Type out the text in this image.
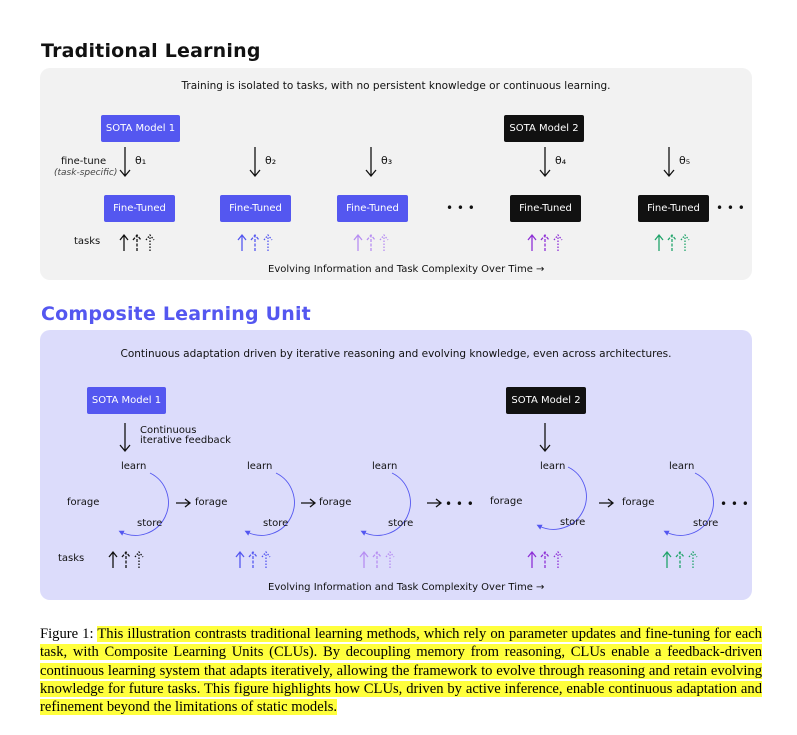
Traditional Learning
Training is isolated to tasks, with no persistent knowledge or continuous learning.
SOTA Model 1	SOTA Model 2
fine-tune
(task-specific)
θ₁	θ₂	θ₃	θ₄	θ₅
Fine-Tuned	Fine-Tuned	Fine-Tuned	• • •	Fine-Tuned	Fine-Tuned	• • •
tasks
Evolving Information and Task Complexity Over Time →
Composite Learning Unit
Continuous adaptation driven by iterative reasoning and evolving knowledge, even across architectures.
SOTA Model 1	SOTA Model 2
Continuous
iterative feedback
learn
forage
store
learn
forage
store
learn
forage
store
learn
forage
store
learn
forage
store
• • •	• • •
tasks
Evolving Information and Task Complexity Over Time →
Figure 1: This illustration contrasts traditional learning methods, which rely on parameter updates and fine-tuning for each task, with Composite Learning Units (CLUs). By decoupling memory from reasoning, CLUs enable a feedback-driven continuous learning system that adapts iteratively, allowing the framework to evolve through reasoning and retain evolving knowledge for future tasks. This figure highlights how CLUs, driven by active inference, enable continuous adaptation and refinement beyond the limitations of static models.
